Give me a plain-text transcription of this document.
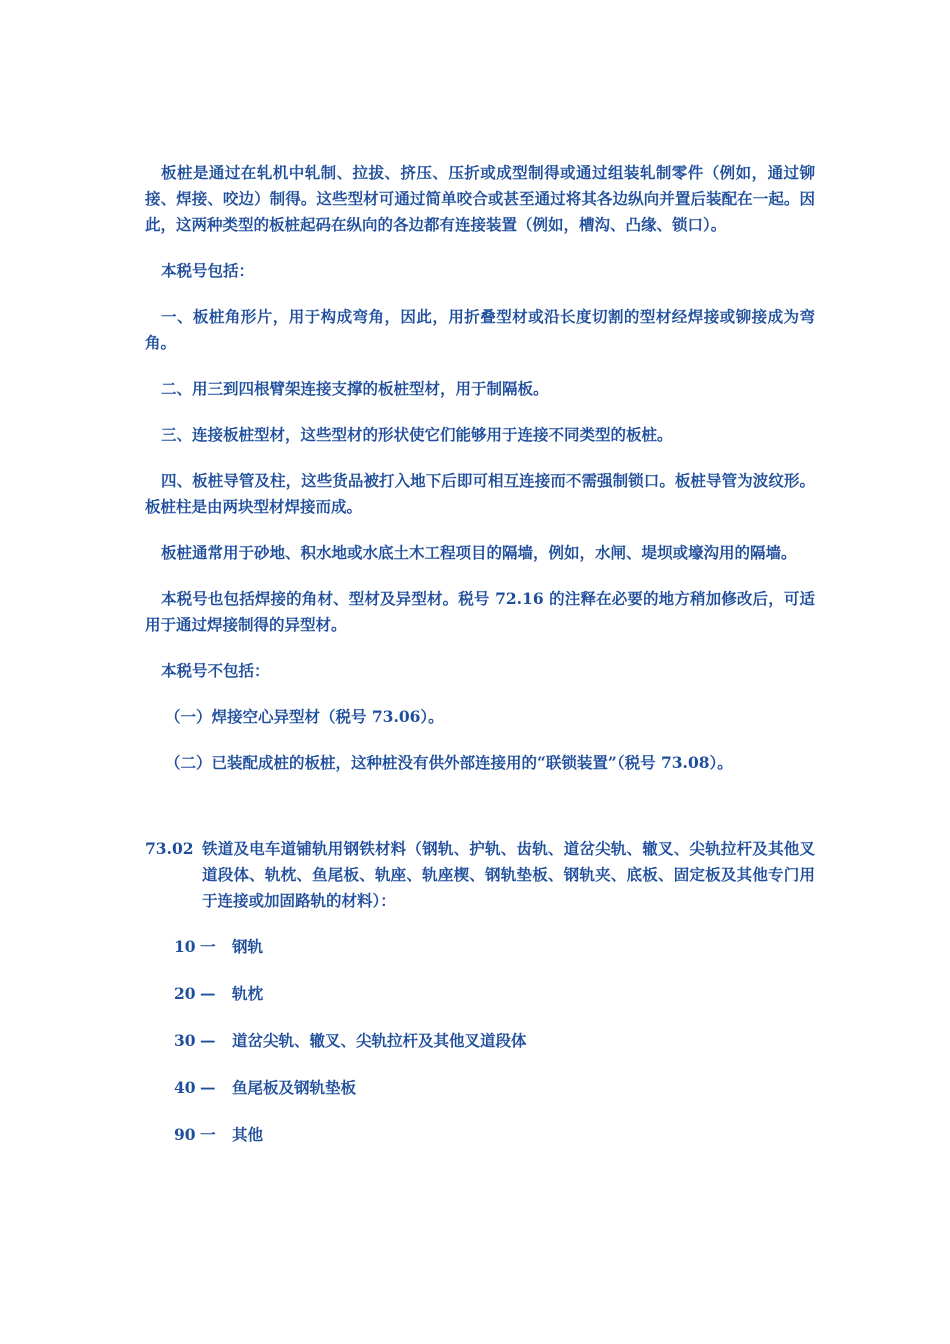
板桩是通过在轧机中轧制、拉拔、挤压、压折或成型制得或通过组装轧制零件（例如，通过铆接、焊接、咬边）制得。这些型材可通过简单咬合或甚至通过将其各边纵向并置后装配在一起。因此，这两种类型的板桩起码在纵向的各边都有连接装置（例如，槽沟、凸缘、锁口）。

本税号包括：

一、板桩角形片，用于构成弯角，因此，用折叠型材或沿长度切割的型材经焊接或铆接成为弯角。

二、用三到四根臂架连接支撑的板桩型材，用于制隔板。

三、连接板桩型材，这些型材的形状使它们能够用于连接不同类型的板桩。

四、板桩导管及柱，这些货品被打入地下后即可相互连接而不需强制锁口。板桩导管为波纹形。板桩柱是由两块型材焊接而成。

板桩通常用于砂地、积水地或水底土木工程项目的隔墙，例如，水闸、堤坝或壕沟用的隔墙。

本税号也包括焊接的角材、型材及异型材。税号 72.16 的注释在必要的地方稍加修改后，可适用于通过焊接制得的异型材。

本税号不包括：

（一）焊接空心异型材（税号 73.06）。

（二）已装配成桩的板桩，这种桩没有供外部连接用的“联锁装置”（税号 73.08）。

73.02 铁道及电车道铺轨用钢铁材料（钢轨、护轨、齿轨、道岔尖轨、辙叉、尖轨拉杆及其他叉道段体、轨枕、鱼尾板、轨座、轨座楔、钢轨垫板、钢轨夹、底板、固定板及其他专门用于连接或加固路轨的材料）：
10 一	钢轨
20 —	轨枕
30 —	道岔尖轨、辙叉、尖轨拉杆及其他叉道段体
40 —	鱼尾板及钢轨垫板
90 一	其他
